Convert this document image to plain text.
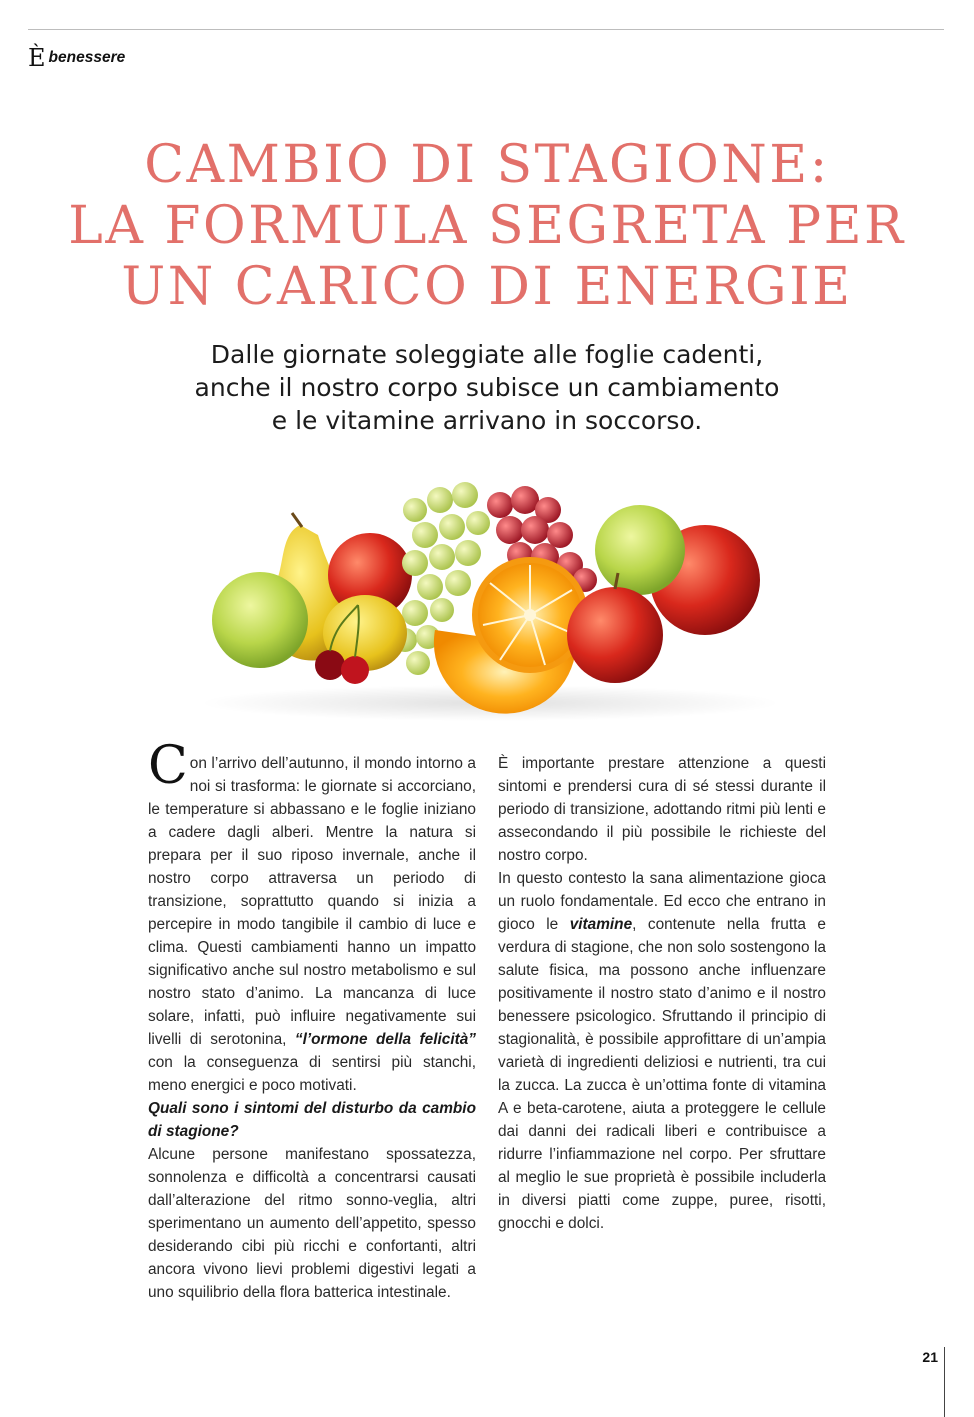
È benessere
CAMBIO DI STAGIONE:
LA FORMULA SEGRETA PER
UN CARICO DI ENERGIE
Dalle giornate soleggiate alle foglie cadenti,
anche il nostro corpo subisce un cambiamento
e le vitamine arrivano in soccorso.

Con l’arrivo dell’autunno, il mondo intorno a noi si trasforma: le giornate si accorciano, le temperature si abbassano e le foglie iniziano a cadere dagli alberi. Mentre la natura si prepara per il suo riposo invernale, anche il nostro corpo attraversa un periodo di transizione, soprattutto quando si inizia a percepire in modo tangibile il cambio di luce e clima. Questi cambiamenti hanno un impatto significativo anche sul nostro metabolismo e sul nostro stato d’animo. La mancanza di luce solare, infatti, può influire negativamente sui livelli di serotonina, “l’ormone della felicità” con la conseguenza di sentirsi più stanchi, meno energici e poco motivati.

Quali sono i sintomi del disturbo da cambio di stagione?

Alcune persone manifestano spossatezza, sonnolenza e difficoltà a concentrarsi causati dall’alterazione del ritmo sonno-veglia, altri sperimentano un aumento dell’appetito, spesso desiderando cibi più ricchi e confortanti, altri ancora vivono lievi problemi digestivi legati a uno squilibrio della flora batterica intestinale.

È importante prestare attenzione a questi sintomi e prendersi cura di sé stessi durante il periodo di transizione, adottando ritmi più lenti e assecondando il più possibile le richieste del nostro corpo.

In questo contesto la sana alimentazione gioca un ruolo fondamentale. Ed ecco che entrano in gioco le vitamine, contenute nella frutta e verdura di stagione, che non solo sostengono la salute fisica, ma possono anche influenzare positivamente il nostro stato d’animo e il nostro benessere psicologico. Sfruttando il principio di stagionalità, è possibile approfittare di un’ampia varietà di ingredienti deliziosi e nutrienti, tra cui la zucca. La zucca è un’ottima fonte di vitamina A e beta-carotene, aiuta a proteggere le cellule dai danni dei radicali liberi e contribuisce a ridurre l’infiammazione nel corpo. Per sfruttare al meglio le sue proprietà è possibile includerla in diversi piatti come zuppe, puree, risotti, gnocchi e dolci.

21
